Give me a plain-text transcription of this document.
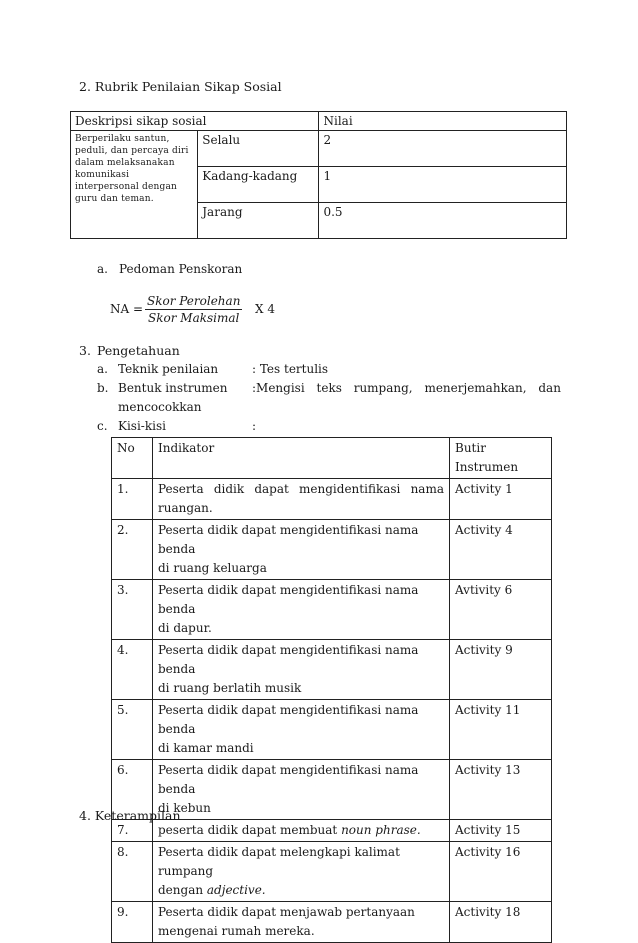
2. Rubrik Penilaian Sikap Sosial
Deskripsi sikap sosial		Nilai
Berperilaku santun, peduli, dan percaya diri dalam melaksanakan komunikasi interpersonal dengan guru dan teman.	Selalu	2
	Kadang-kadang	1
	Jarang	0.5
a. Pedoman Penskoran
NA =
Skor Perolehan
Skor Maksimal
X 4
3. Pengetahuan
a. Teknik penilaian	: Tes tertulis
b. Bentuk instrumen :Mengisi teks rumpang, menerjemahkan, dan
mencocokkan
c. Kisi-kisi	:
No	Indikator	Butir Instrumen
1.	Peserta didik dapat mengidentifikasi nama
ruangan.	Activity 1
2.	Peserta didik dapat mengidentifikasi nama benda
di ruang keluarga	Activity 4
3.	Peserta didik dapat mengidentifikasi nama benda
di dapur.	Avtivity 6
4.	Peserta didik dapat mengidentifikasi nama benda
di ruang berlatih musik	Activity 9
5.	Peserta didik dapat mengidentifikasi nama benda
di kamar mandi	Activity 11
6.	Peserta didik dapat mengidentifikasi nama benda
di kebun	Activity 13
7.	peserta didik dapat membuat noun phrase.	Activity 15
8.	Peserta didik dapat melengkapi kalimat rumpang
dengan adjective.	Activity 16
9.	Peserta didik dapat menjawab pertanyaan
mengenai rumah mereka.	Activity 18
4. Keterampilan
